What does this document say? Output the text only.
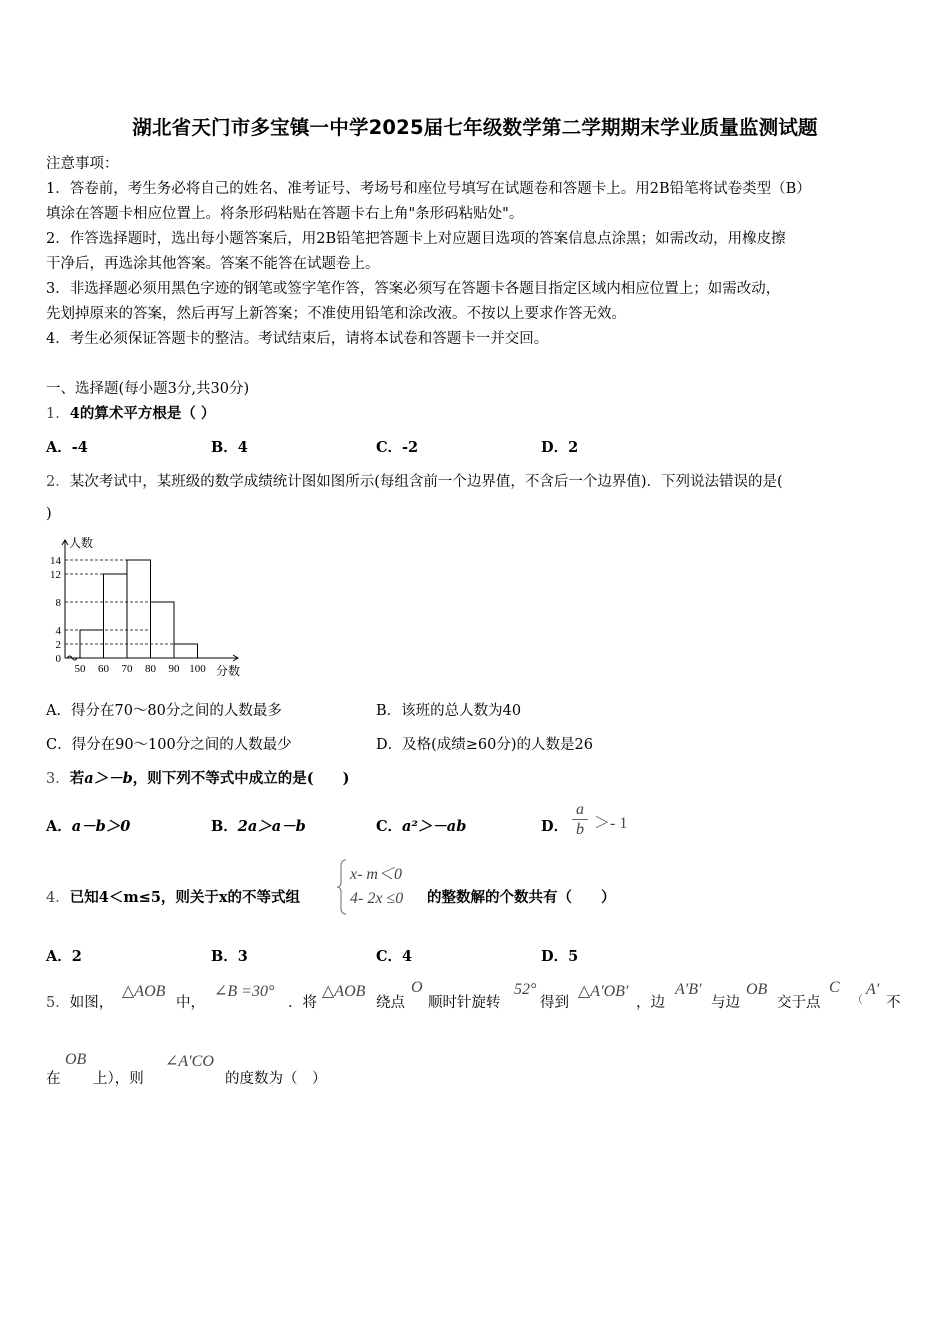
湖北省天门市多宝镇一中学2025届七年级数学第二学期期末学业质量监测试题
注意事项：
1．答卷前，考生务必将自己的姓名、准考证号、考场号和座位号填写在试题卷和答题卡上。用2B铅笔将试卷类型（B）
填涂在答题卡相应位置上。将条形码粘贴在答题卡右上角"条形码粘贴处"。
2．作答选择题时，选出每小题答案后，用2B铅笔把答题卡上对应题目选项的答案信息点涂黑；如需改动，用橡皮擦
干净后，再选涂其他答案。答案不能答在试题卷上。
3．非选择题必须用黑色字迹的钢笔或签字笔作答，答案必须写在答题卡各题目指定区域内相应位置上；如需改动，
先划掉原来的答案，然后再写上新答案；不准使用铅笔和涂改液。不按以上要求作答无效。
4．考生必须保证答题卡的整洁。考试结束后，请将本试卷和答题卡一并交回。
一、选择题(每小题3分,共30分)
1．4的算术平方根是（ ）
A．-4	B．4	C．-2	D．2
2．某次考试中，某班级的数学成绩统计图如图所示(每组含前一个边界值，不含后一个边界值)．下列说法错误的是(
)
人数
分数
0
2
4
8
12
14
50 60 70 80 90 100
A．得分在70～80分之间的人数最多	B．该班的总人数为40
C．得分在90～100分之间的人数最少	D．及格(成绩≥60分)的人数是26
3．若a＞－b，则下列不等式中成立的是(　　)
A．a－b＞0	B．2a＞a－b	C．a²＞－ab	D．
a
b ＞- 1
4．已知4＜m≤5，则关于x的不等式组
x- m＜0
4- 2x ≤0 的整数解的个数共有（　　）
A．2	B．3	C．4	D．5
5．如图，
△AOB
中，
∠B =30°
．将
△AOB
绕点
O
顺时针旋转
52°
得到
△A′OB′
，边
A′B′
与边
OB
交于点
C
（
A′
不
在
OB
上），则
∠A′CO
的度数为（　）
